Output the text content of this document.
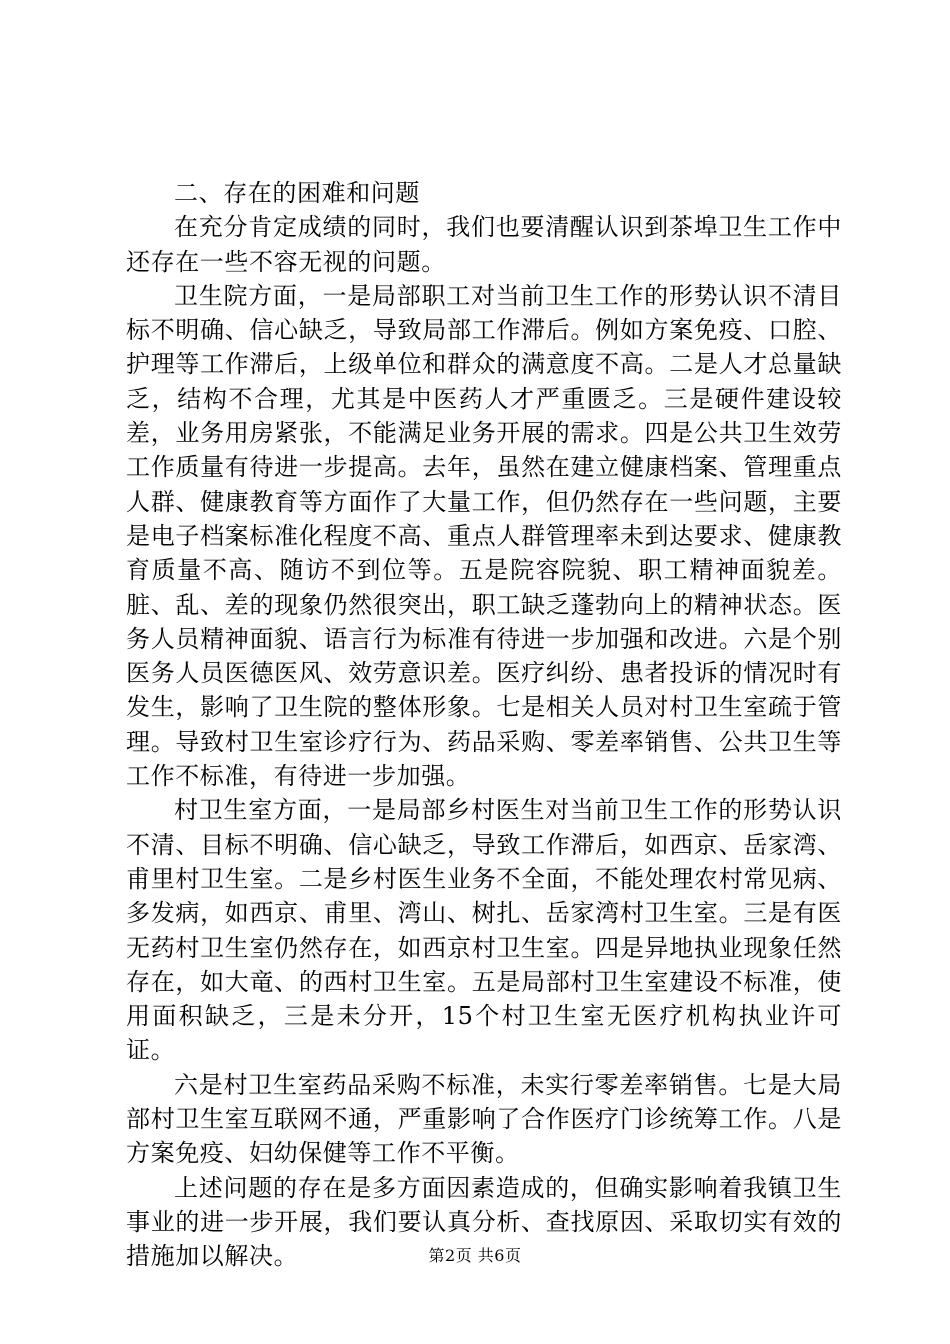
二、存在的困难和问题

在充分肯定成绩的同时，我们也要清醒认识到茶埠卫生工作中还存在一些不容无视的问题。

卫生院方面，一是局部职工对当前卫生工作的形势认识不清目标不明确、信心缺乏，导致局部工作滞后。例如方案免疫、口腔、护理等工作滞后，上级单位和群众的满意度不高。二是人才总量缺乏，结构不合理，尤其是中医药人才严重匮乏。三是硬件建设较差，业务用房紧张，不能满足业务开展的需求。四是公共卫生效劳工作质量有待进一步提高。去年，虽然在建立健康档案、管理重点人群、健康教育等方面作了大量工作，但仍然存在一些问题，主要是电子档案标准化程度不高、重点人群管理率未到达要求、健康教育质量不高、随访不到位等。五是院容院貌、职工精神面貌差。脏、乱、差的现象仍然很突出，职工缺乏蓬勃向上的精神状态。医务人员精神面貌、语言行为标准有待进一步加强和改进。六是个别医务人员医德医风、效劳意识差。医疗纠纷、患者投诉的情况时有发生，影响了卫生院的整体形象。七是相关人员对村卫生室疏于管理。导致村卫生室诊疗行为、药品采购、零差率销售、公共卫生等工作不标准，有待进一步加强。

村卫生室方面，一是局部乡村医生对当前卫生工作的形势认识不清、目标不明确、信心缺乏，导致工作滞后，如西京、岳家湾、甫里村卫生室。二是乡村医生业务不全面，不能处理农村常见病、多发病，如西京、甫里、湾山、树扎、岳家湾村卫生室。三是有医无药村卫生室仍然存在，如西京村卫生室。四是异地执业现象任然存在，如大竜、的西村卫生室。五是局部村卫生室建设不标准，使用面积缺乏，三是未分开，15个村卫生室无医疗机构执业许可证。

六是村卫生室药品采购不标准，未实行零差率销售。七是大局部村卫生室互联网不通，严重影响了合作医疗门诊统筹工作。八是方案免疫、妇幼保健等工作不平衡。

上述问题的存在是多方面因素造成的，但确实影响着我镇卫生事业的进一步开展，我们要认真分析、查找原因、采取切实有效的措施加以解决。	第2页 共6页
